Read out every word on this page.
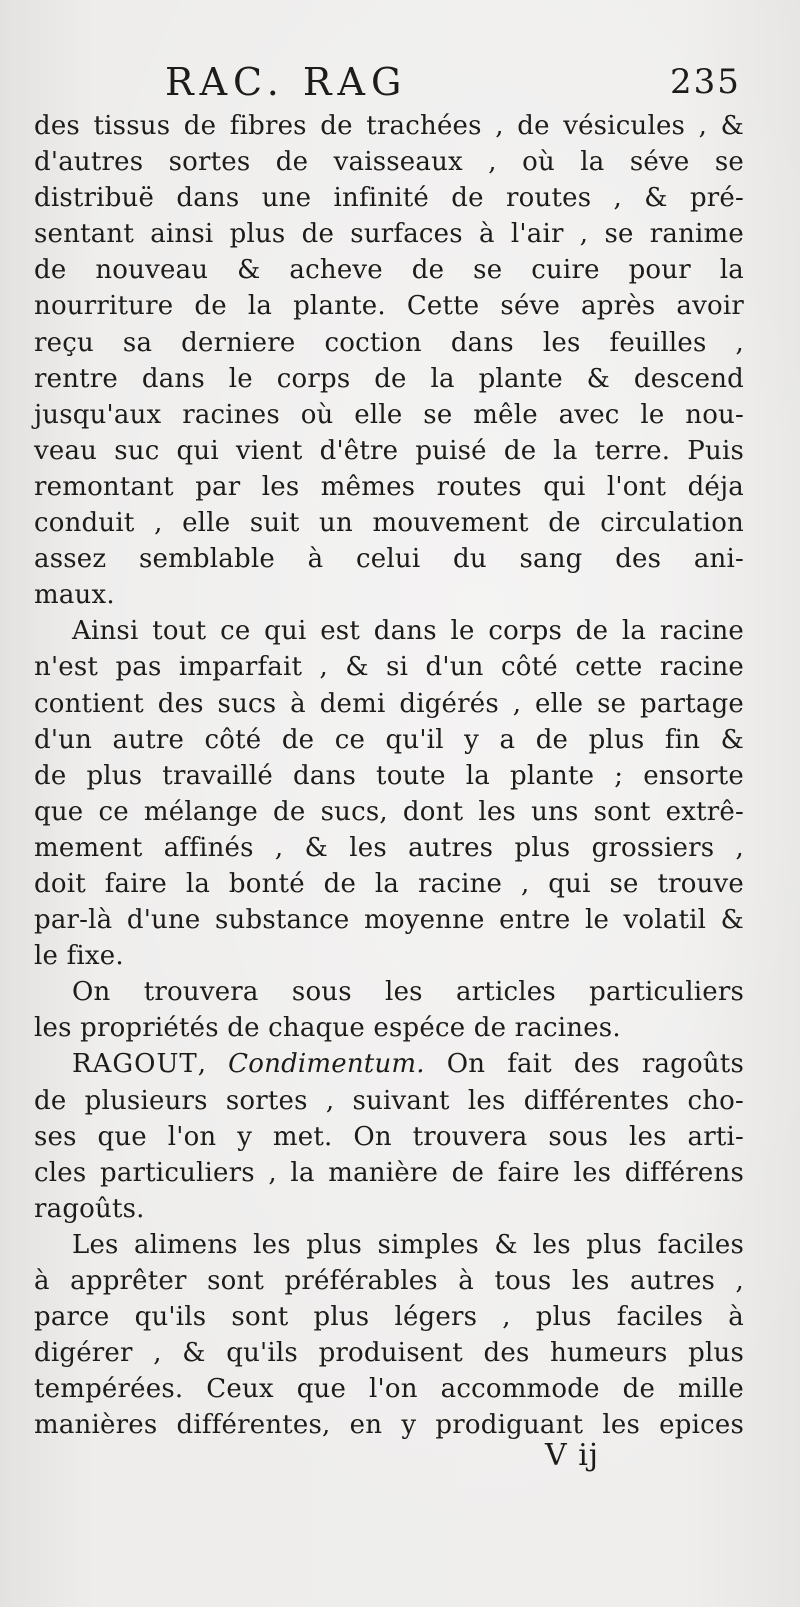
RAC. RAG	235
des tissus de fibres de trachées , de vésicules , &
d'autres sortes de vaisseaux , où la séve se
distribuë dans une infinité de routes , & pré-
sentant ainsi plus de surfaces à l'air , se ranime
de nouveau & acheve de se cuire pour la
nourriture de la plante. Cette séve après avoir
reçu sa derniere coction dans les feuilles ,
rentre dans le corps de la plante & descend
jusqu'aux racines où elle se mêle avec le nou-
veau suc qui vient d'être puisé de la terre. Puis
remontant par les mêmes routes qui l'ont déja
conduit , elle suit un mouvement de circulation
assez semblable à celui du sang des ani-
maux.
Ainsi tout ce qui est dans le corps de la racine
n'est pas imparfait , & si d'un côté cette racine
contient des sucs à demi digérés , elle se partage
d'un autre côté de ce qu'il y a de plus fin &
de plus travaillé dans toute la plante ; ensorte
que ce mélange de sucs, dont les uns sont extrê-
mement affinés , & les autres plus grossiers ,
doit faire la bonté de la racine , qui se trouve
par-là d'une substance moyenne entre le volatil &
le fixe.
On trouvera sous les articles particuliers
les propriétés de chaque espéce de racines.
RAGOUT, Condimentum. On fait des ragoûts
de plusieurs sortes , suivant les différentes cho-
ses que l'on y met. On trouvera sous les arti-
cles particuliers , la manière de faire les différens
ragoûts.
Les alimens les plus simples & les plus faciles
à apprêter sont préférables à tous les autres ,
parce qu'ils sont plus légers , plus faciles à
digérer , & qu'ils produisent des humeurs plus
tempérées. Ceux que l'on accommode de mille
manières différentes, en y prodiguant les epices
V ij
